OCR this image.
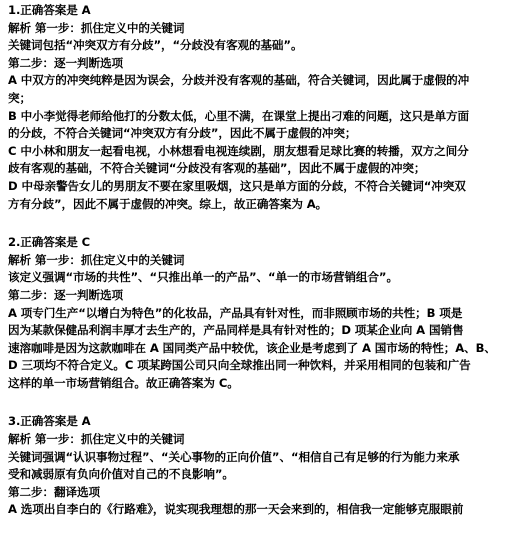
1.正确答案是 A
解析 第一步：抓住定义中的关键词
关键词包括“冲突双方有分歧”，“分歧没有客观的基础”。
第二步：逐一判断选项
A 中双方的冲突纯粹是因为误会，分歧并没有客观的基础，符合关键词，因此属于虚假的冲
突；
B 中小李觉得老师给他打的分数太低，心里不满，在课堂上提出刁难的问题，这只是单方面
的分歧，不符合关键词“冲突双方有分歧”，因此不属于虚假的冲突；
C 中小林和朋友一起看电视，小林想看电视连续剧，朋友想看足球比赛的转播，双方之间分
歧有客观的基础，不符合关键词“分歧没有客观的基础”，因此不属于虚假的冲突；
D 中母亲警告女儿的男朋友不要在家里吸烟，这只是单方面的分歧，不符合关键词“冲突双
方有分歧”，因此不属于虚假的冲突。综上，故正确答案为 A。
2.正确答案是 C
解析 第一步：抓住定义中的关键词
该定义强调“市场的共性”、“只推出单一的产品”、“单一的市场营销组合”。
第二步：逐一判断选项
A 项专门生产“以增白为特色”的化妆品，产品具有针对性，而非照顾市场的共性；B 项是
因为某款保健品利润丰厚才去生产的，产品同样是具有针对性的；D 项某企业向 A 国销售
速溶咖啡是因为这款咖啡在 A 国同类产品中较优，该企业是考虑到了 A 国市场的特性；A、B、
D 三项均不符合定义。C 项某跨国公司只向全球推出同一种饮料，并采用相同的包装和广告
这样的单一市场营销组合。故正确答案为 C。
3.正确答案是 A
解析 第一步：抓住定义中的关键词
关键词强调“认识事物过程”、“关心事物的正向价值”、“相信自己有足够的行为能力来承
受和减弱原有负向价值对自己的不良影响”。
第二步：翻译选项
A 选项出自李白的《行路难》，说实现我理想的那一天会来到的，相信我一定能够克服眼前
